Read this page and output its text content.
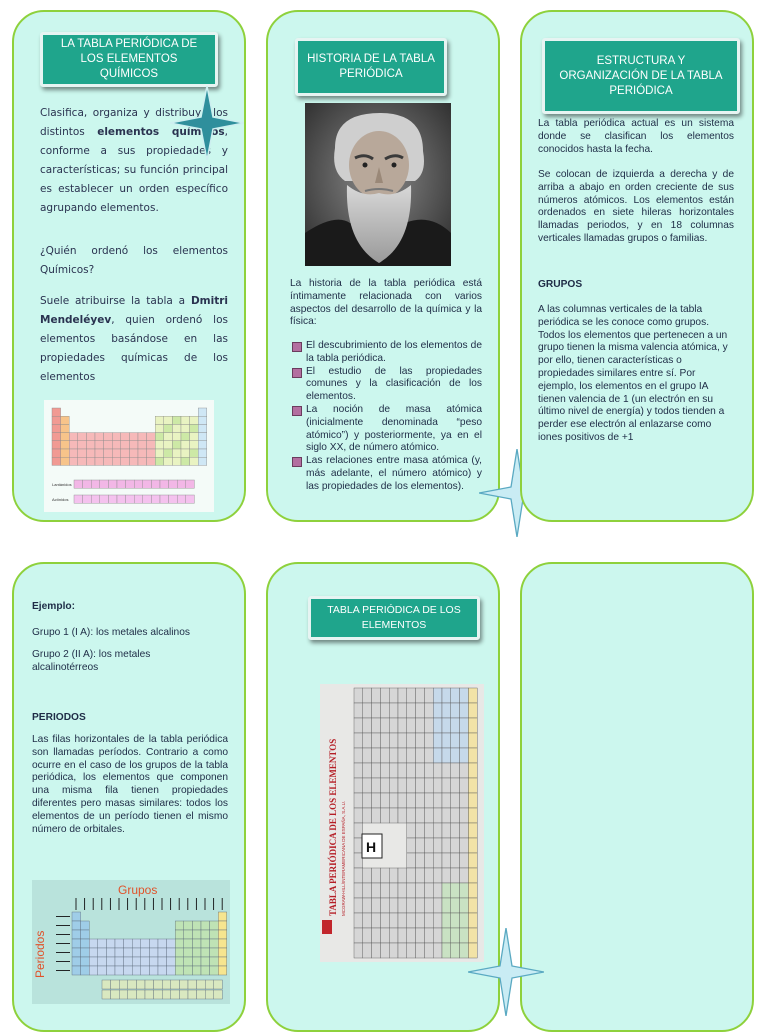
LA TABLA PERIÓDICA DE LOS ELEMENTOS QUÍMICOS
Clasifica, organiza y distribuye los distintos elementos químicos, conforme a sus propiedades y características; su función principal es establecer un orden específico agrupando elementos.
¿Quién ordenó los elementos Químicos?
Suele atribuirse la tabla a Dmitri Mendeléyev, quien ordenó los elementos basándose en las propiedades químicas de los elementos
Lantánidos
Actínidos
HISTORIA DE LA TABLA PERIÓDICA
La historia de la tabla periódica está íntimamente relacionada con varios aspectos del desarrollo de la química y la física:
El descubrimiento de los elementos de la tabla periódica.
El estudio de las propiedades comunes y la clasificación de los elementos.
La noción de masa atómica (inicialmente denominada “peso atómico”) y posteriormente, ya en el siglo XX, de número atómico.
Las relaciones entre masa atómica (y, más adelante, el número atómico) y las propiedades de los elementos).
ESTRUCTURA Y ORGANIZACIÓN DE LA TABLA PERIÓDICA
La tabla periódica actual es un sistema donde se clasifican los elementos conocidos hasta la fecha.
Se colocan de izquierda a derecha y de arriba a abajo en orden creciente de sus números atómicos. Los elementos están ordenados en siete hileras horizontales llamadas periodos, y en 18 columnas verticales llamadas grupos o familias.
GRUPOS
A las columnas verticales de la tabla periódica se les conoce como grupos. Todos los elementos que pertenecen a un grupo tienen la misma valencia atómica, y por ello, tienen características o propiedades similares entre sí. Por ejemplo, los elementos en el grupo IA tienen valencia de 1 (un electrón en su último nivel de energía) y todos tienden a perder ese electrón al enlazarse como iones positivos de +1
Ejemplo:
Grupo 1 (I A): los metales alcalinos
Grupo 2 (II A): los metales alcalinotérreos
PERIODOS
Las filas horizontales de la tabla periódica son llamadas períodos. Contrario a como ocurre en el caso de los grupos de la tabla periódica, los elementos que componen una misma fila tienen propiedades diferentes pero masas similares: todos los elementos de un período tienen el mismo número de orbitales.
Grupos
Periodos
TABLA PERIÓDICA DE LOS ELEMENTOS
TABLA PERIÓDICA DE LOS ELEMENTOS MCGRAW-HILL/INTERAMERICANA DE ESPAÑA, S.A.U. H
